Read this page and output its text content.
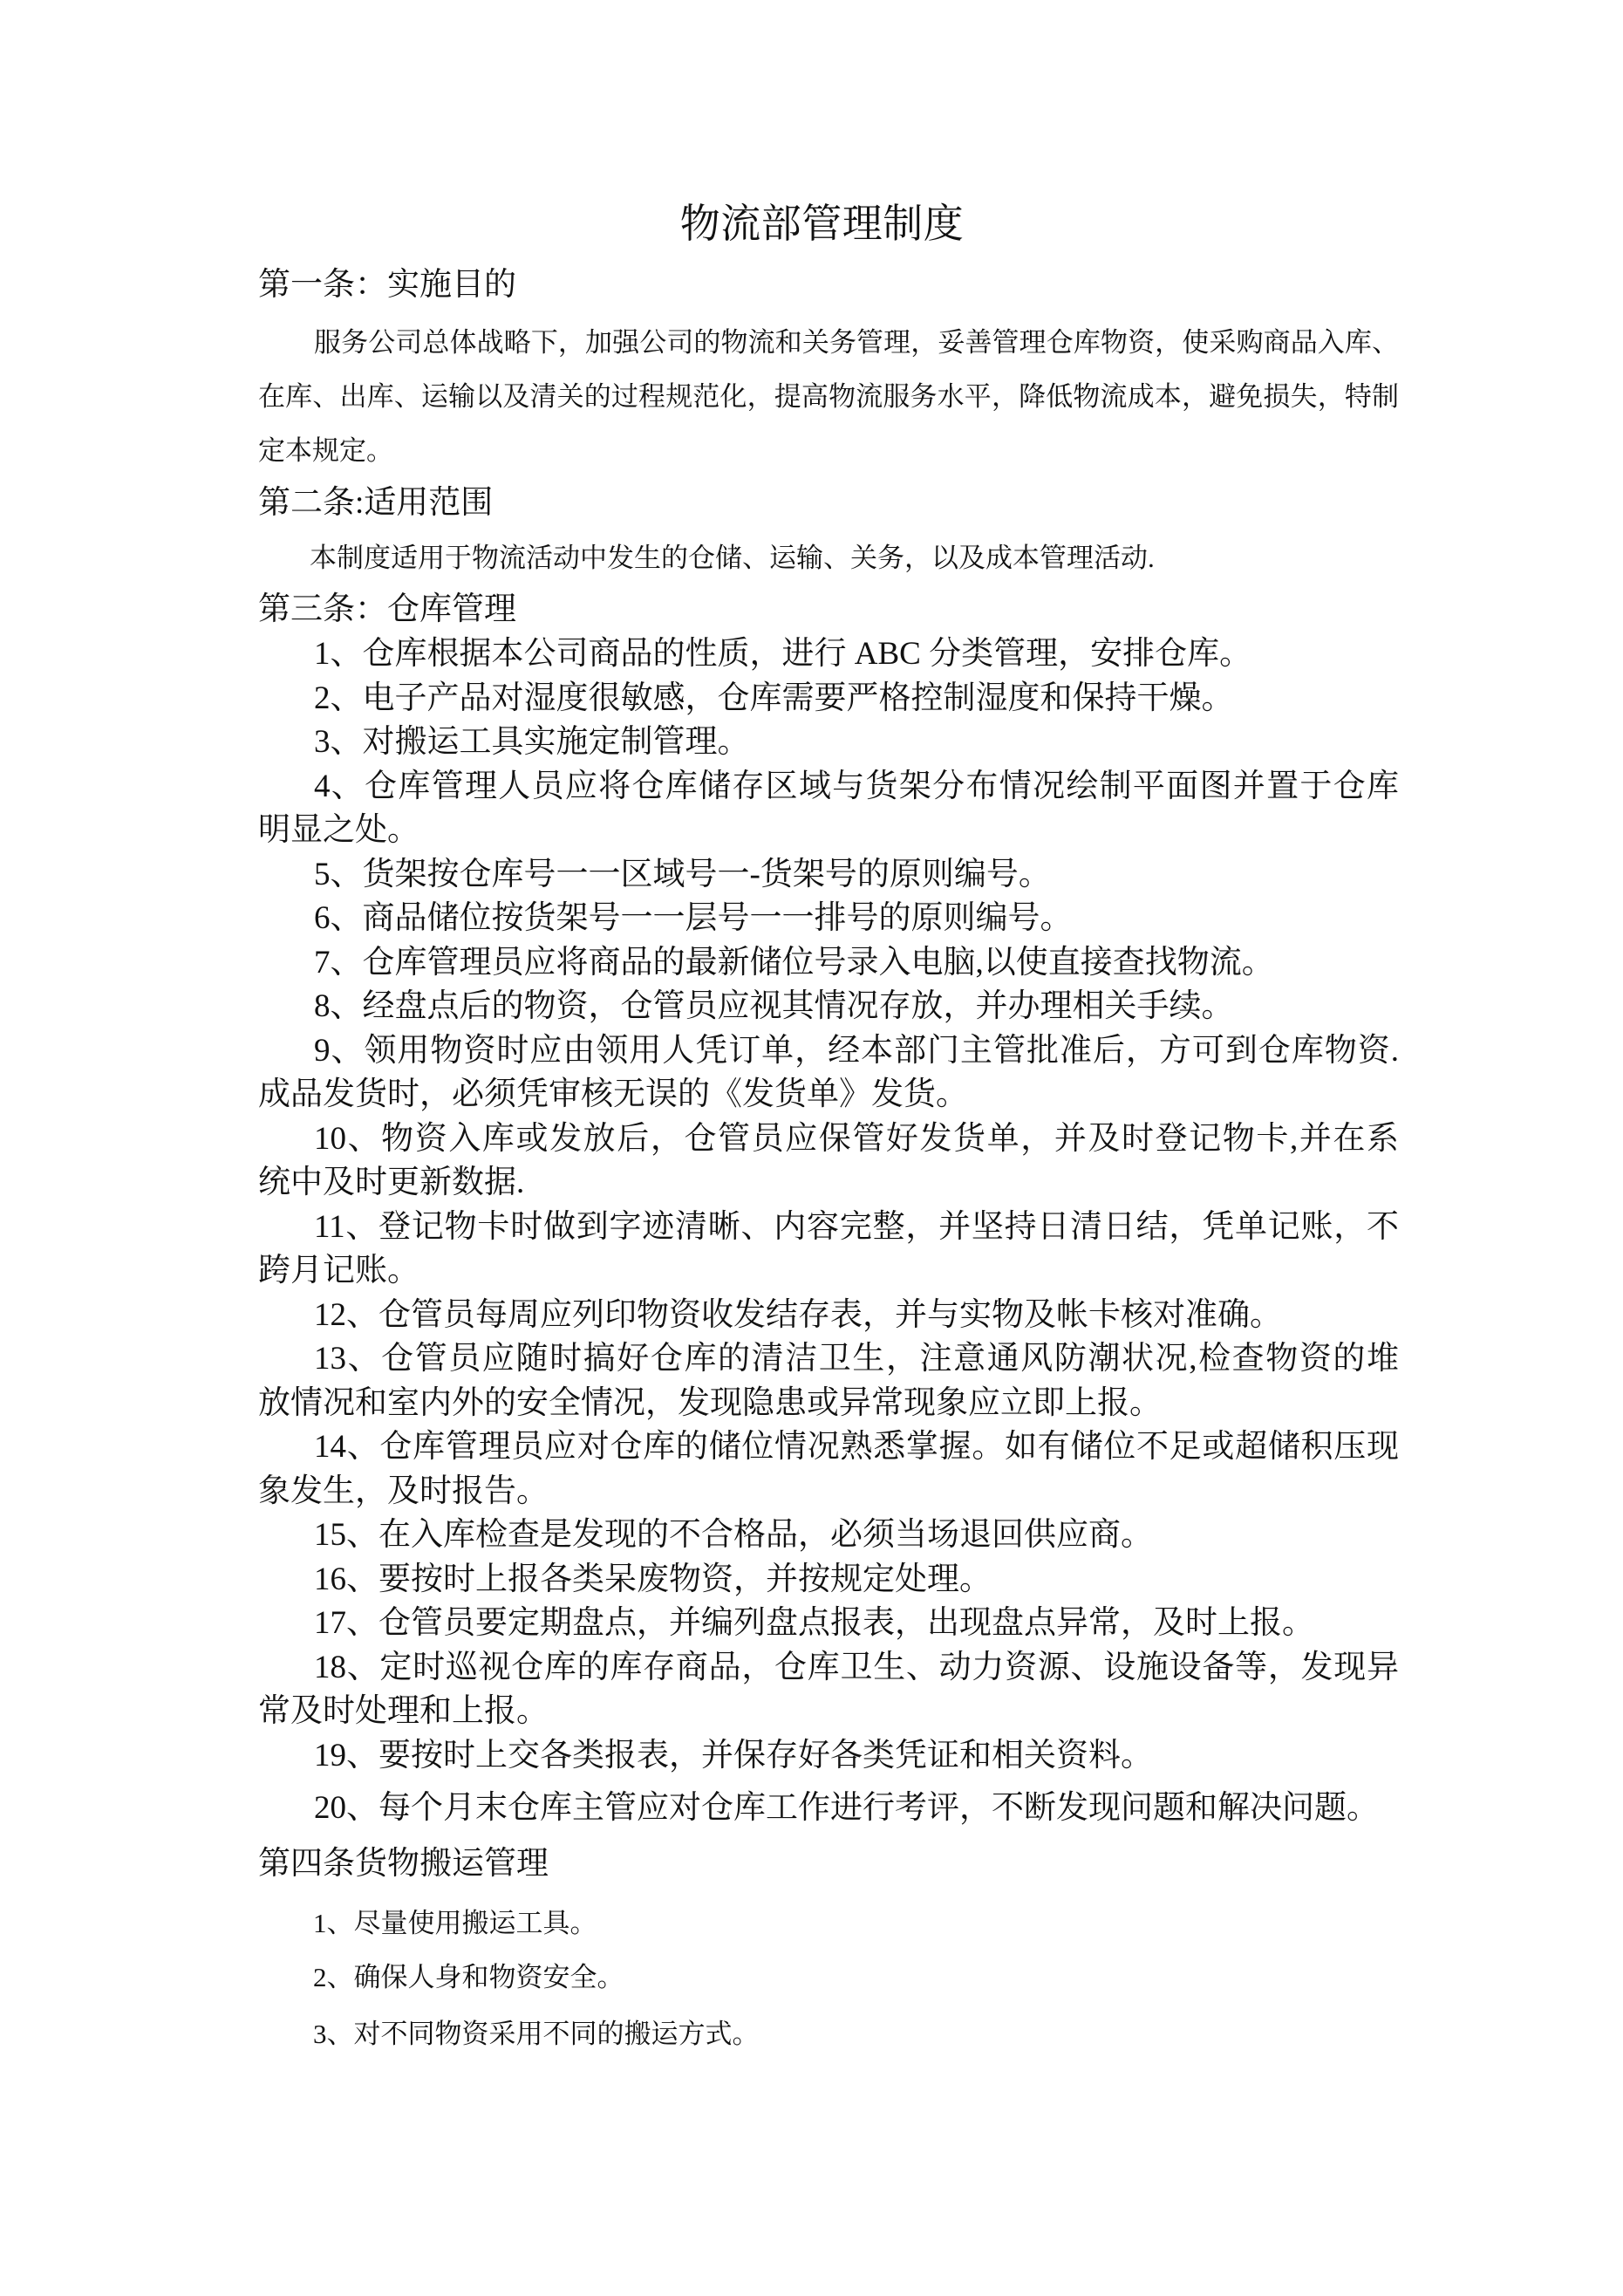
物流部管理制度
第一条：实施目的
服务公司总体战略下，加强公司的物流和关务管理，妥善管理仓库物资，使采购商品入库、
在库、出库、运输以及清关的过程规范化，提高物流服务水平，降低物流成本，避免损失，特制
定本规定。
第二条:适用范围
本制度适用于物流活动中发生的仓储、运输、关务，以及成本管理活动.
第三条：仓库管理
1、仓库根据本公司商品的性质，进行 ABC 分类管理，安排仓库。
2、电子产品对湿度很敏感，仓库需要严格控制湿度和保持干燥。
3、对搬运工具实施定制管理。
4、仓库管理人员应将仓库储存区域与货架分布情况绘制平面图并置于仓库
明显之处。
5、货架按仓库号一一区域号一-货架号的原则编号。
6、商品储位按货架号一一层号一一排号的原则编号。
7、仓库管理员应将商品的最新储位号录入电脑,以使直接查找物流。
8、经盘点后的物资，仓管员应视其情况存放，并办理相关手续。
9、领用物资时应由领用人凭订单，经本部门主管批准后，方可到仓库物资.
成品发货时，必须凭审核无误的《发货单》发货。
10、物资入库或发放后，仓管员应保管好发货单，并及时登记物卡,并在系
统中及时更新数据.
11、登记物卡时做到字迹清晰、内容完整，并坚持日清日结，凭单记账，不
跨月记账。
12、仓管员每周应列印物资收发结存表，并与实物及帐卡核对准确。
13、仓管员应随时搞好仓库的清洁卫生，注意通风防潮状况,检查物资的堆
放情况和室内外的安全情况，发现隐患或异常现象应立即上报。
14、仓库管理员应对仓库的储位情况熟悉掌握。如有储位不足或超储积压现
象发生，及时报告。
15、在入库检查是发现的不合格品，必须当场退回供应商。
16、要按时上报各类呆废物资，并按规定处理。
17、仓管员要定期盘点，并编列盘点报表，出现盘点异常，及时上报。
18、定时巡视仓库的库存商品，仓库卫生、动力资源、设施设备等，发现异
常及时处理和上报。
19、要按时上交各类报表，并保存好各类凭证和相关资料。
20、每个月末仓库主管应对仓库工作进行考评，不断发现问题和解决问题。
第四条货物搬运管理
1、尽量使用搬运工具。
2、确保人身和物资安全。
3、对不同物资采用不同的搬运方式。
